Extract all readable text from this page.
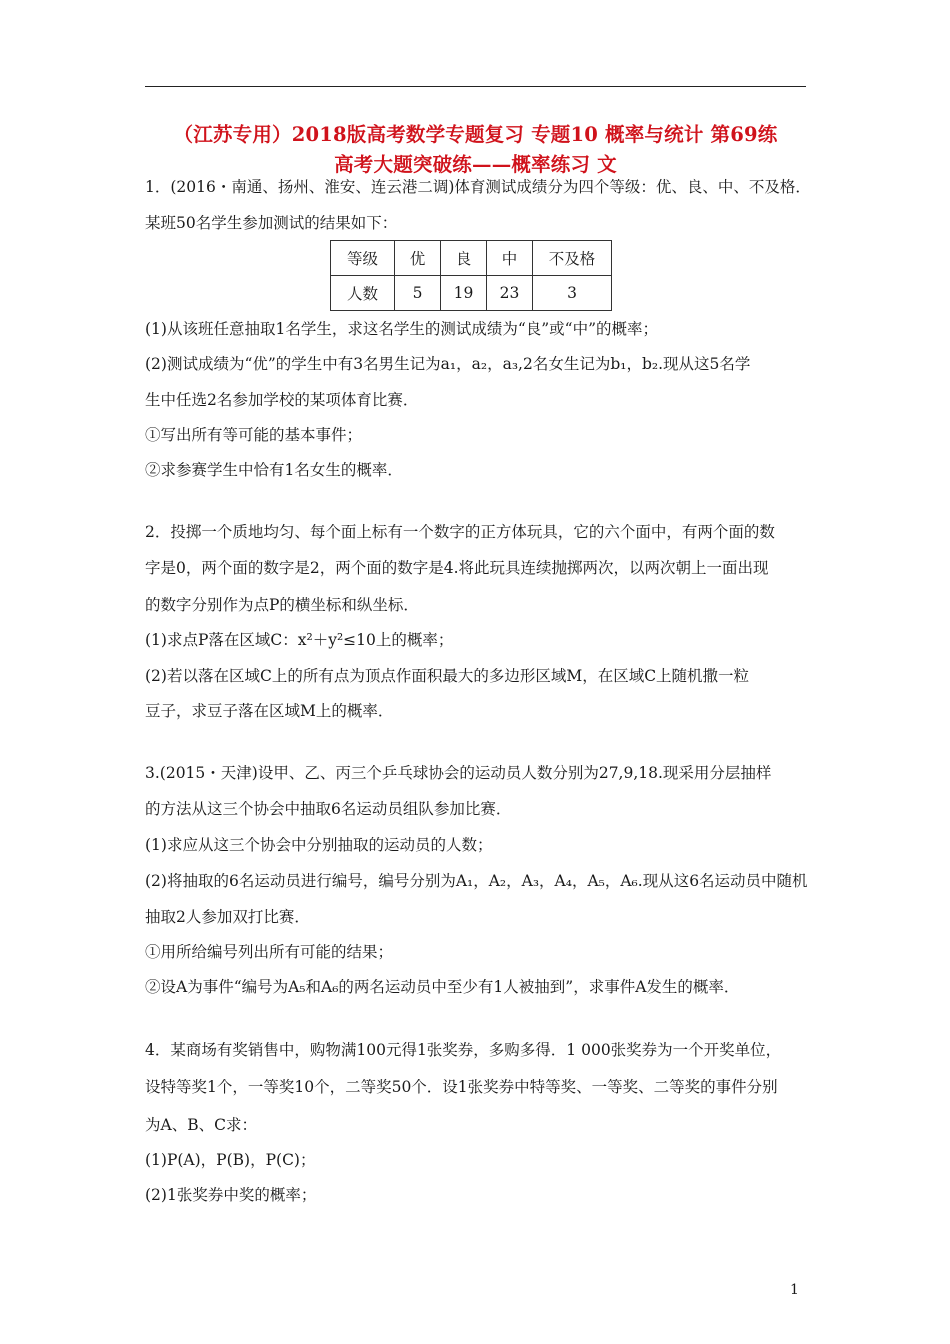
（江苏专用）2018版高考数学专题复习 专题10 概率与统计 第69练
高考大题突破练——概率练习 文
1．(2016・南通、扬州、淮安、连云港二调)体育测试成绩分为四个等级：优、良、中、不及格．
某班50名学生参加测试的结果如下：
等级	优	良	中	不及格
人数	5	19	23	3
(1)从该班任意抽取1名学生，求这名学生的测试成绩为“良”或“中”的概率；
(2)测试成绩为“优”的学生中有3名男生记为a₁，a₂，a₃,2名女生记为b₁，b₂.现从这5名学
生中任选2名参加学校的某项体育比赛．
①写出所有等可能的基本事件；
②求参赛学生中恰有1名女生的概率．
2．投掷一个质地均匀、每个面上标有一个数字的正方体玩具，它的六个面中，有两个面的数
字是0，两个面的数字是2，两个面的数字是4.将此玩具连续抛掷两次，以两次朝上一面出现
的数字分别作为点P的横坐标和纵坐标．
(1)求点P落在区域C：x²＋y²≤10上的概率；
(2)若以落在区域C上的所有点为顶点作面积最大的多边形区域M，在区域C上随机撒一粒
豆子，求豆子落在区域M上的概率．
3.(2015・天津)设甲、乙、丙三个乒乓球协会的运动员人数分别为27,9,18.现采用分层抽样
的方法从这三个协会中抽取6名运动员组队参加比赛．
(1)求应从这三个协会中分别抽取的运动员的人数；
(2)将抽取的6名运动员进行编号，编号分别为A₁，A₂，A₃，A₄，A₅，A₆.现从这6名运动员中随机
抽取2人参加双打比赛．
①用所给编号列出所有可能的结果；
②设A为事件“编号为A₅和A₆的两名运动员中至少有1人被抽到”，求事件A发生的概率．
4．某商场有奖销售中，购物满100元得1张奖券，多购多得．1 000张奖券为一个开奖单位，
设特等奖1个，一等奖10个，二等奖50个．设1张奖券中特等奖、一等奖、二等奖的事件分别
为A、B、C求：
(1)P(A)，P(B)，P(C)；
(2)1张奖券中奖的概率；
1
